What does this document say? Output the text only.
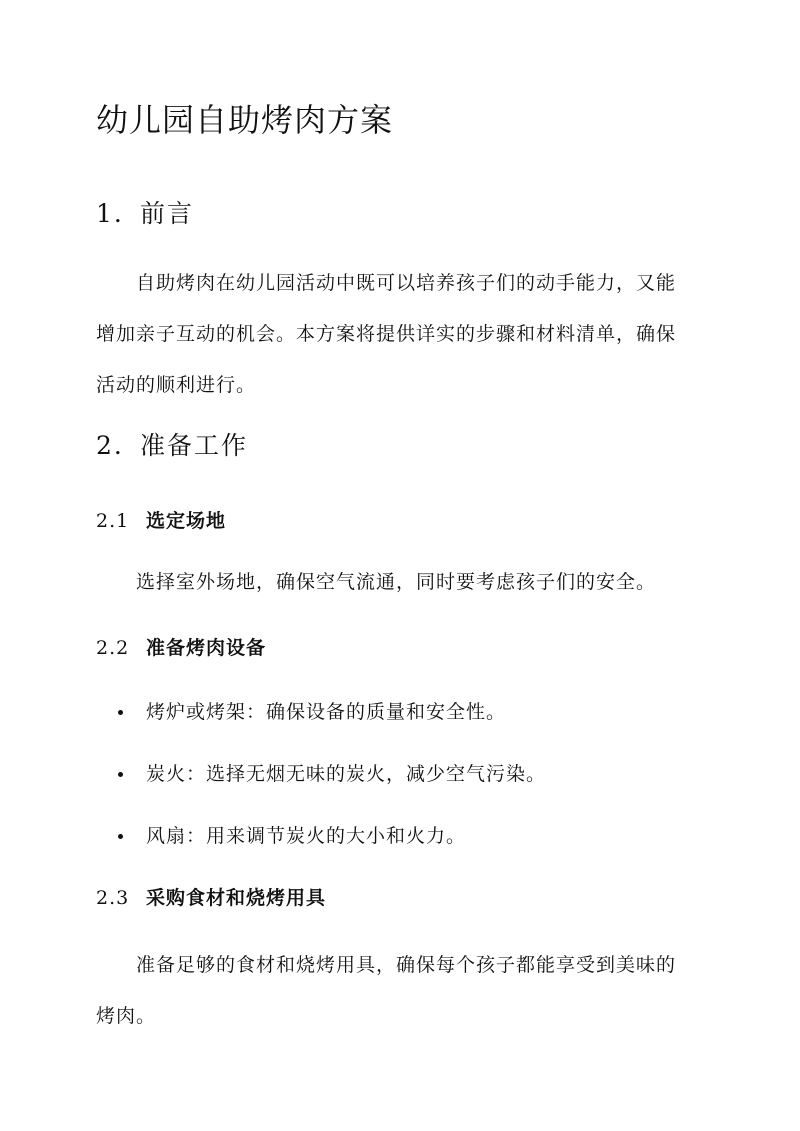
幼儿园自助烤肉方案
1. 前言

自助烤肉在幼儿园活动中既可以培养孩子们的动手能力，又能
增加亲子互动的机会。本方案将提供详实的步骤和材料清单，确保
活动的顺利进行。

2. 准备工作
2.1 选定场地

选择室外场地，确保空气流通，同时要考虑孩子们的安全。

2.2 准备烤肉设备
烤炉或烤架：确保设备的质量和安全性。
炭火：选择无烟无味的炭火，减少空气污染。
风扇：用来调节炭火的大小和火力。
2.3 采购食材和烧烤用具

准备足够的食材和烧烤用具，确保每个孩子都能享受到美味的
烤肉。
